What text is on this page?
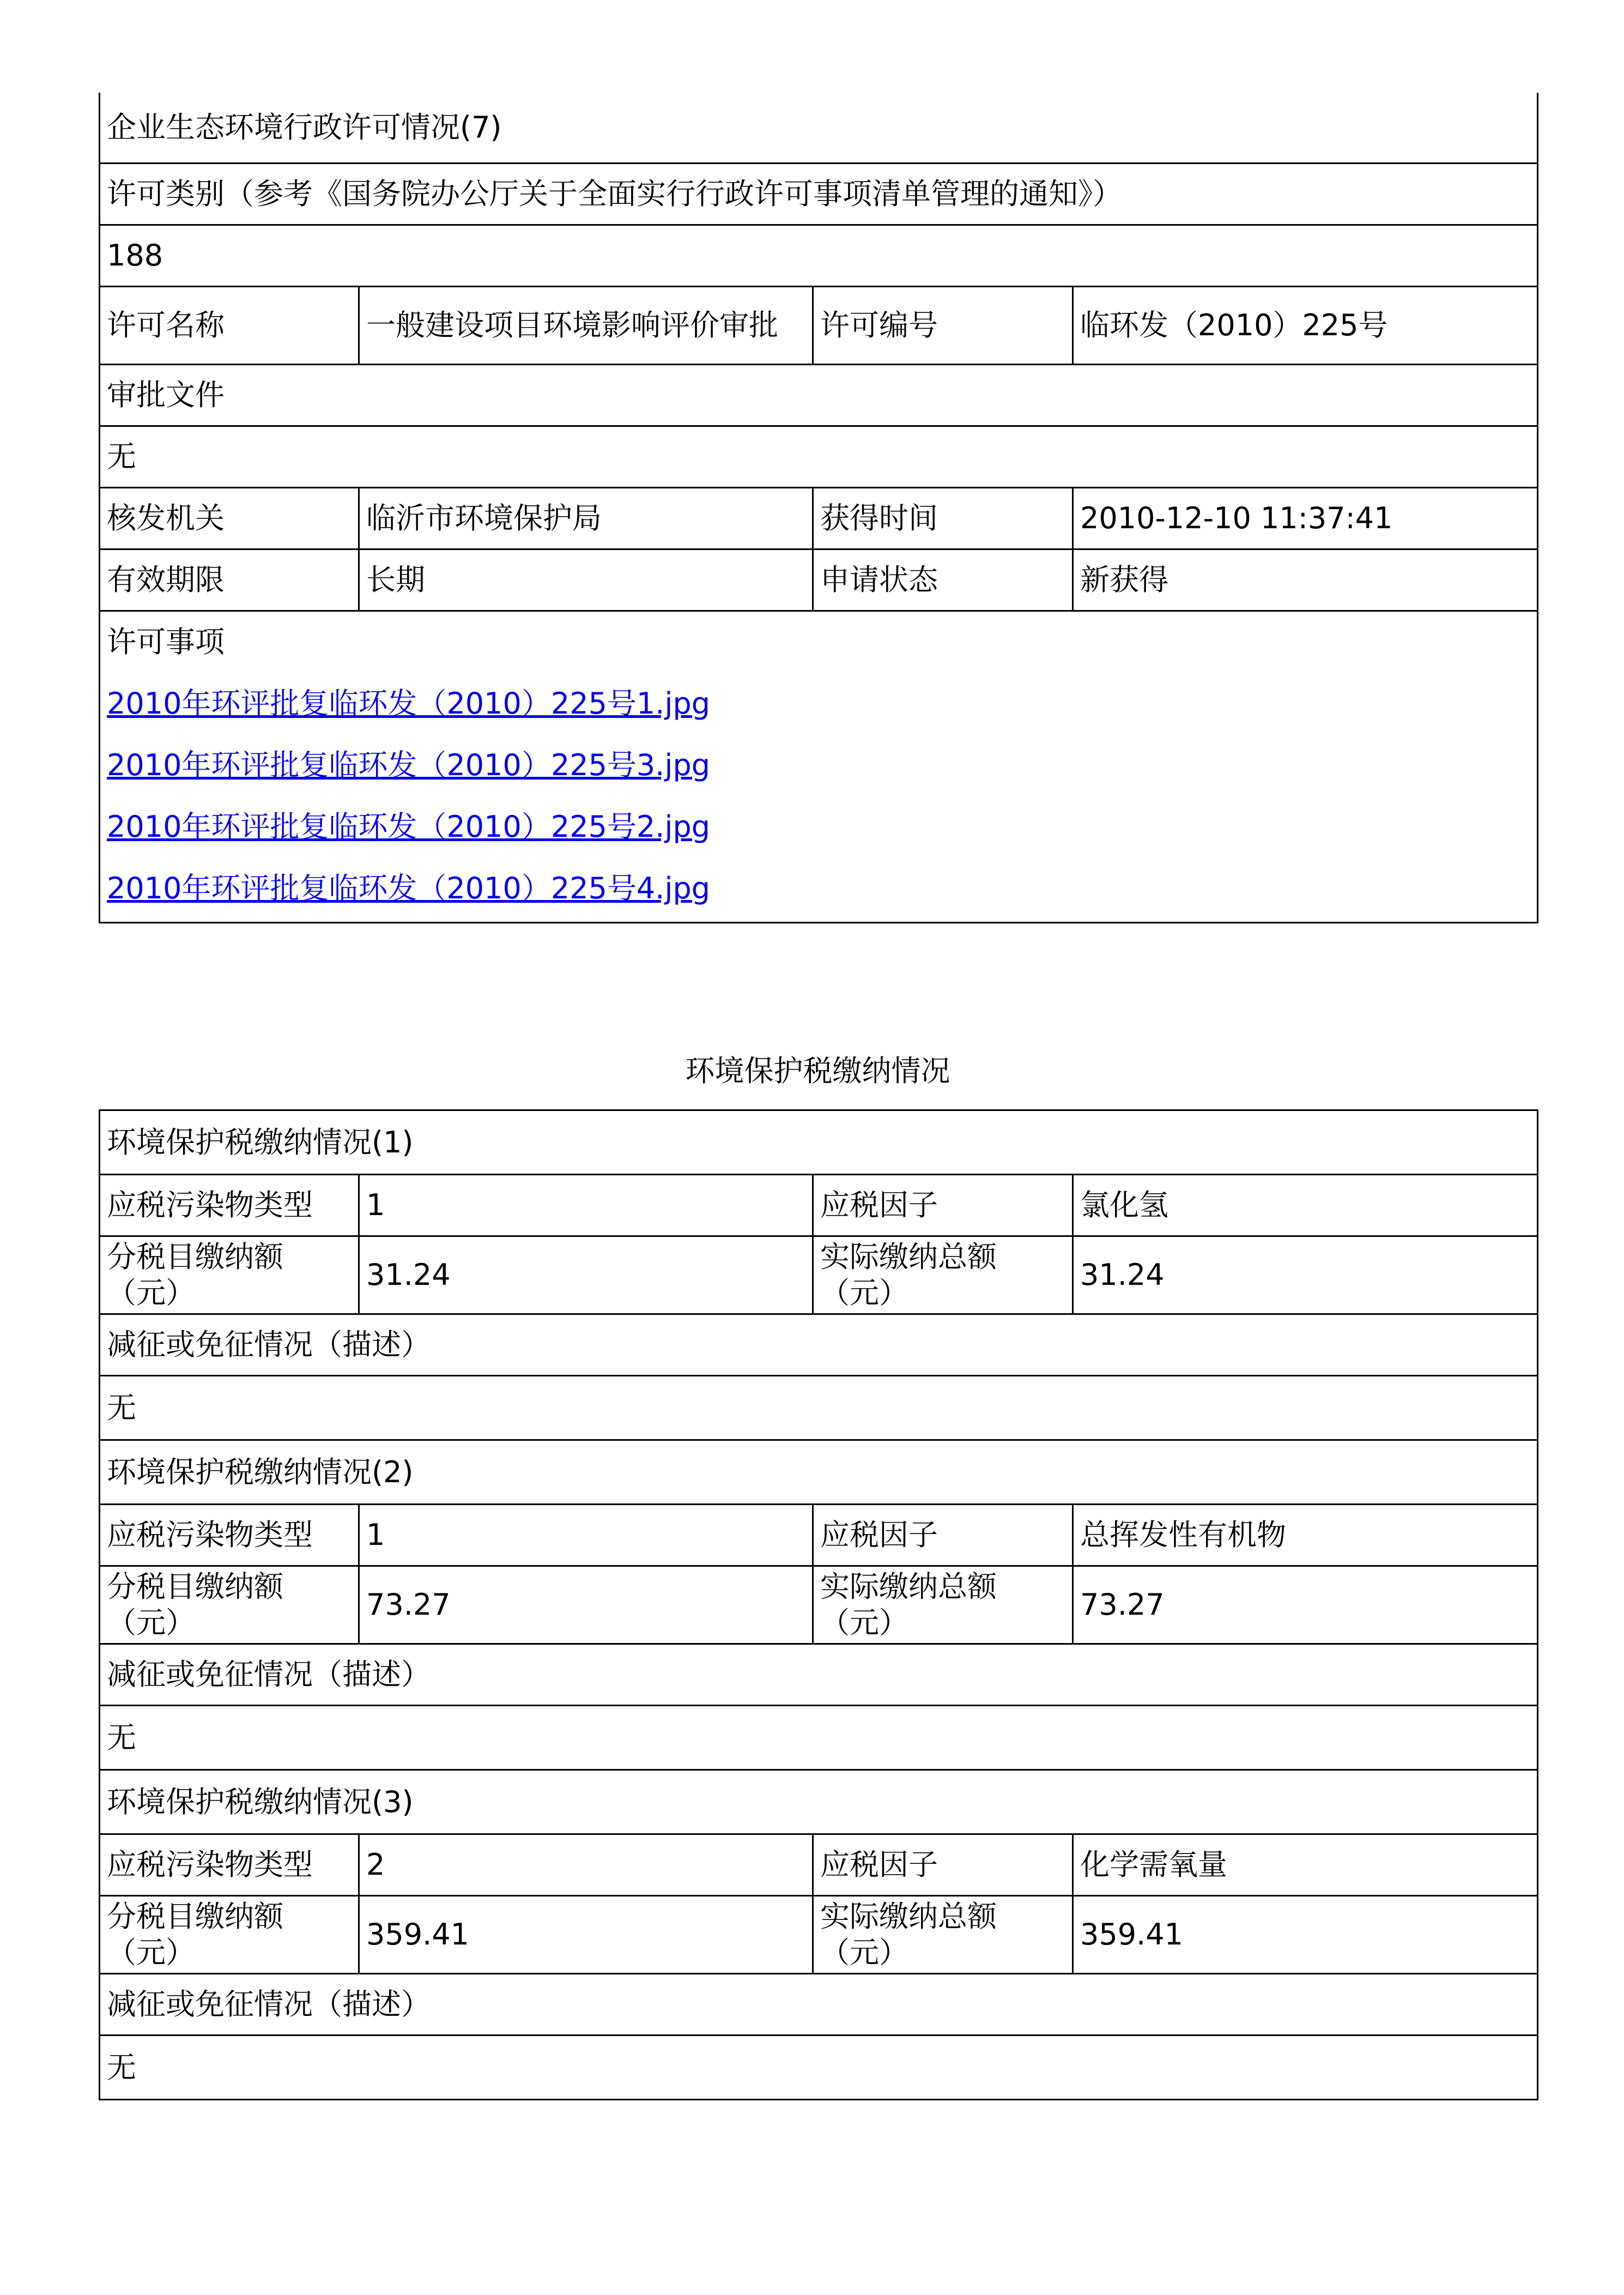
企业生态环境行政许可情况(7)			
许可类别（参考《国务院办公厅关于全面实行行政许可事项清单管理的通知》）			
188			
许可名称	一般建设项目环境影响评价审批	许可编号	临环发（2010）225号
审批文件			
无			
核发机关	临沂市环境保护局	获得时间	2010-12-10 11:37:41
有效期限	长期	申请状态	新获得

许可事项
2010年环评批复临环发（2010）225号1.jpg
2010年环评批复临环发（2010）225号3.jpg
2010年环评批复临环发（2010）225号2.jpg
2010年环评批复临环发（2010）225号4.jpg			
环境保护税缴纳情况
环境保护税缴纳情况(1)			
应税污染物类型	1	应税因子	氯化氢
分税目缴纳额（元）	31.24	实际缴纳总额（元）	31.24
减征或免征情况（描述）			
无			
环境保护税缴纳情况(2)			
应税污染物类型	1	应税因子	总挥发性有机物
分税目缴纳额（元）	73.27	实际缴纳总额（元）	73.27
减征或免征情况（描述）			
无			
环境保护税缴纳情况(3)			
应税污染物类型	2	应税因子	化学需氧量
分税目缴纳额（元）	359.41	实际缴纳总额（元）	359.41
减征或免征情况（描述）			
无			
